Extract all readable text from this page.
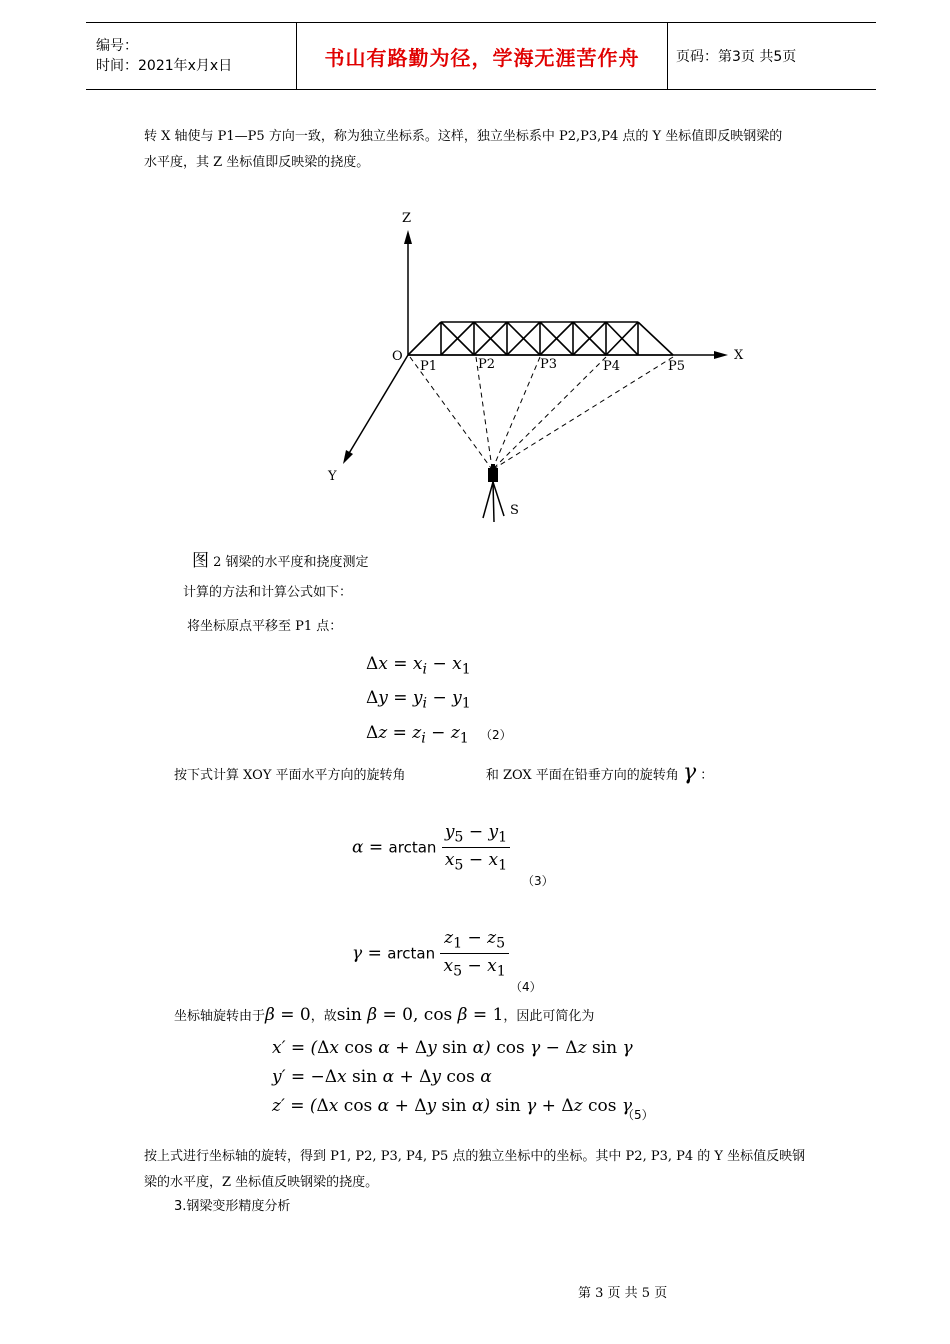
编号：
时间：2021年x月x日	书山有路勤为径，学海无涯苦作舟	页码：第3页 共5页
转 X 轴使与 P1—P5 方向一致，称为独立坐标系。这样，独立坐标系中 P2,P3,P4 点的 Y 坐标值即反映钢梁的
水平度，其 Z 坐标值即反映梁的挠度。
Z
X
Y
O
P1	P2	P3	P4	P5
S
图 2 钢梁的水平度和挠度测定
计算的方法和计算公式如下：
将坐标原点平移至 P1 点：
$\Delta x = x_i - x_1$
$\Delta y = y_i - y_1$
$\Delta z = z_i - z_1$ （2）
按下式计算 XOY 平面水平方向的旋转角	和 ZOX 平面在铅垂方向的旋转角 γ ：
$\alpha = \arctan \frac{y_5 - y_1}{x_5 - x_1}$
（3）
$\gamma = \arctan \frac{z_1 - z_5}{x_5 - x_1}$
（4）
坐标轴旋转由于β = 0，故sin β = 0, cos β = 1，因此可简化为
x′ = (Δx cos α + Δy sin α) cos γ − Δz sin γ
y′ = −Δx sin α + Δy cos α
z′ = (Δx cos α + Δy sin α) sin γ + Δz cos γ
（5）
按上式进行坐标轴的旋转，得到 P1, P2, P3, P4, P5 点的独立坐标中的坐标。其中 P2, P3, P4 的 Y 坐标值反映钢
梁的水平度，Z 坐标值反映钢梁的挠度。
3.钢梁变形精度分析
第 3 页 共 5 页
